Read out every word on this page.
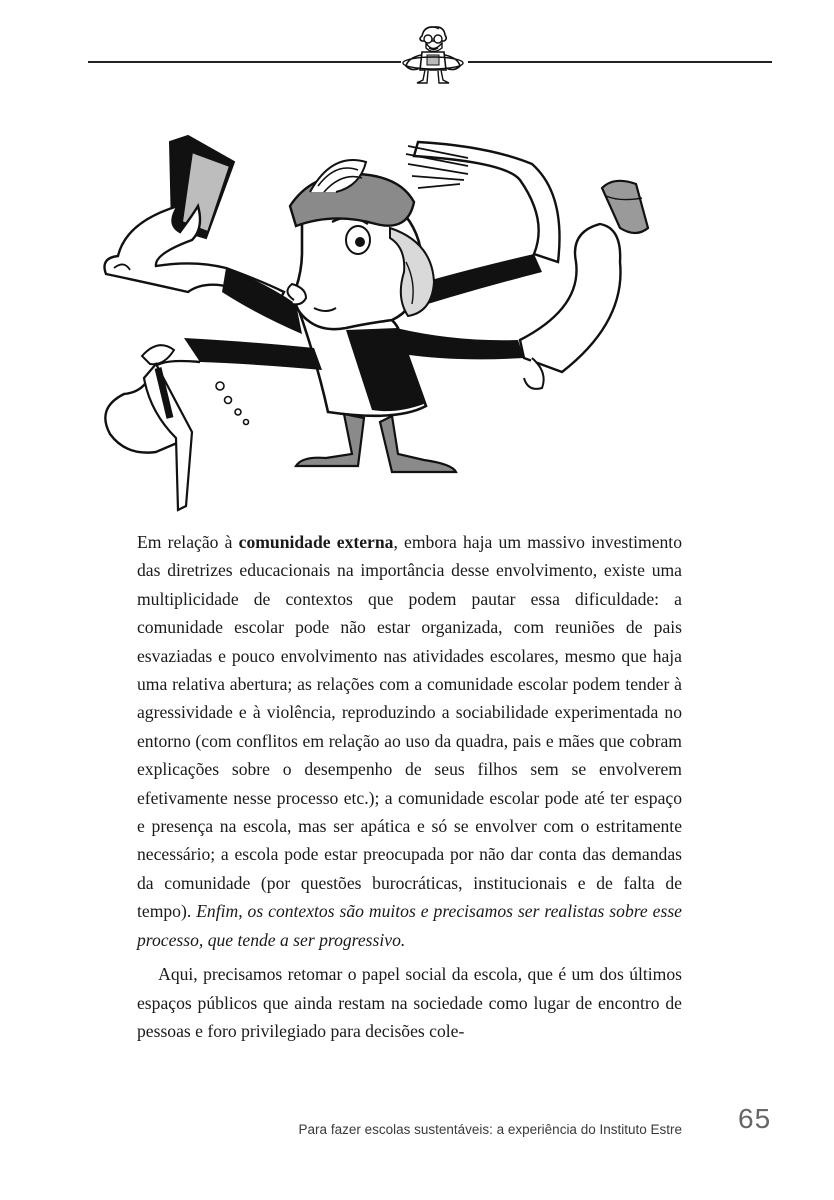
Em relação à comunidade externa, embora haja um massivo investimento das diretrizes educacionais na importância desse envolvimento, existe uma multiplicidade de contextos que podem pautar essa dificuldade: a comunidade escolar pode não estar organizada, com reuniões de pais esvaziadas e pouco envolvimento nas atividades escolares, mesmo que haja uma relativa abertura; as relações com a comunidade escolar podem tender à agressividade e à violência, reproduzindo a sociabilidade experimentada no entorno (com conflitos em relação ao uso da quadra, pais e mães que cobram explicações sobre o desempenho de seus filhos sem se envolverem efetivamente nesse processo etc.); a comunidade escolar pode até ter espaço e presença na escola, mas ser apática e só se envolver com o estritamente necessário; a escola pode estar preocupada por não dar conta das demandas da comunidade (por questões burocráticas, institucionais e de falta de tempo). Enfim, os contextos são muitos e precisamos ser realistas sobre esse processo, que tende a ser progressivo.

Aqui, precisamos retomar o papel social da escola, que é um dos últimos espaços públicos que ainda restam na sociedade como lugar de encontro de pessoas e foro privilegiado para decisões cole-

Para fazer escolas sustentáveis: a experiência do Instituto Estre 65
